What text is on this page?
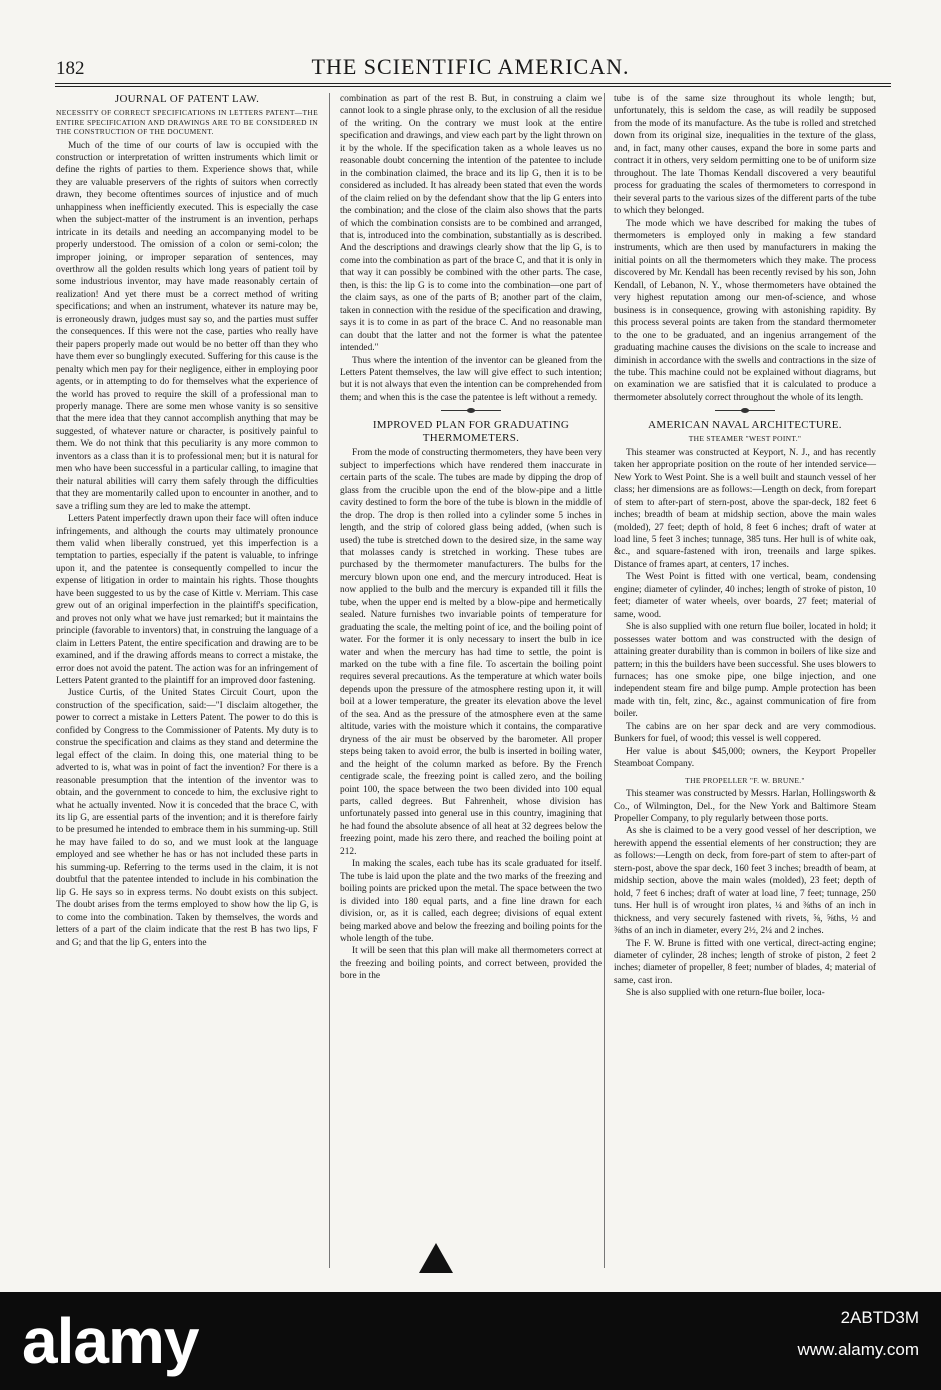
182	THE SCIENTIFIC AMERICAN.
JOURNAL OF PATENT LAW.
NECESSITY OF CORRECT SPECIFICATIONS IN LETTERS PATENT—THE ENTIRE SPECIFICATION AND DRAWINGS ARE TO BE CONSIDERED IN THE CONSTRUCTION OF THE DOCUMENT.

Much of the time of our courts of law is occupied with the construction or interpretation of written instruments which limit or define the rights of parties to them. Experience shows that, while they are valuable preservers of the rights of suitors when correctly drawn, they become oftentimes sources of injustice and of much unhappiness when inefficiently executed. This is especially the case when the subject-matter of the instrument is an invention, perhaps intricate in its details and needing an accompanying model to be properly understood. The omission of a colon or semi-colon; the improper joining, or improper separation of sentences, may overthrow all the golden results which long years of patient toil by some industrious inventor, may have made reasonably certain of realization! And yet there must be a correct method of writing specifications; and when an instrument, whatever its nature may be, is erroneously drawn, judges must say so, and the parties must suffer the consequences. If this were not the case, parties who really have their papers properly made out would be no better off than they who have them ever so bunglingly executed. Suffering for this cause is the penalty which men pay for their negligence, either in employing poor agents, or in attempting to do for themselves what the experience of the world has proved to require the skill of a professional man to properly manage. There are some men whose vanity is so sensitive that the mere idea that they cannot accomplish anything that may be suggested, of whatever nature or character, is positively painful to them. We do not think that this peculiarity is any more common to inventors as a class than it is to professional men; but it is natural for men who have been successful in a particular calling, to imagine that their natural abilities will carry them safely through the difficulties that they are momentarily called upon to encounter in another, and to save a trifling sum they are led to make the attempt.

Letters Patent imperfectly drawn upon their face will often induce infringements, and although the courts may ultimately pronounce them valid when liberally construed, yet this imperfection is a temptation to parties, especially if the patent is valuable, to infringe upon it, and the patentee is consequently compelled to incur the expense of litigation in order to maintain his rights. Those thoughts have been suggested to us by the case of Kittle v. Merriam. This case grew out of an original imperfection in the plaintiff's specification, and proves not only what we have just remarked; but it maintains the principle (favorable to inventors) that, in construing the language of a claim in Letters Patent, the entire specification and drawing are to be examined, and if the drawing affords means to correct a mistake, the error does not avoid the patent. The action was for an infringement of Letters Patent granted to the plaintiff for an improved door fastening.

Justice Curtis, of the United States Circuit Court, upon the construction of the specification, said:—"I disclaim altogether, the power to correct a mistake in Letters Patent. The power to do this is confided by Congress to the Commissioner of Patents. My duty is to construe the specification and claims as they stand and determine the legal effect of the claim. In doing this, one material thing to be adverted to is, what was in point of fact the invention? For there is a reasonable presumption that the intention of the inventor was to obtain, and the government to concede to him, the exclusive right to what he actually invented. Now it is conceded that the brace C, with its lip G, are essential parts of the invention; and it is therefore fairly to be presumed he intended to embrace them in his summing-up. Still he may have failed to do so, and we must look at the language employed and see whether he has or has not included these parts in his summing-up. Referring to the terms used in the claim, it is not doubtful that the patentee intended to include in his combination the lip G. He says so in express terms. No doubt exists on this subject. The doubt arises from the terms employed to show how the lip G, is to come into the combination. Taken by themselves, the words and letters of a part of the claim indicate that the rest B has two lips, F and G; and that the lip G, enters into the

combination as part of the rest B. But, in construing a claim we cannot look to a single phrase only, to the exclusion of all the residue of the writing. On the contrary we must look at the entire specification and drawings, and view each part by the light thrown on it by the whole. If the specification taken as a whole leaves us no reasonable doubt concerning the intention of the patentee to include in the combination claimed, the brace and its lip G, then it is to be considered as included. It has already been stated that even the words of the claim relied on by the defendant show that the lip G enters into the combination; and the close of the claim also shows that the parts of which the combination consists are to be combined and arranged, that is, introduced into the combination, substantially as is described. And the descriptions and drawings clearly show that the lip G, is to come into the combination as part of the brace C, and that it is only in that way it can possibly be combined with the other parts. The case, then, is this: the lip G is to come into the combination—one part of the claim says, as one of the parts of B; another part of the claim, taken in connection with the residue of the specification and drawing, says it is to come in as part of the brace C. And no reasonable man can doubt that the latter and not the former is what the patentee intended."

Thus where the intention of the inventor can be gleaned from the Letters Patent themselves, the law will give effect to such intention; but it is not always that even the intention can be comprehended from them; and when this is the case the patentee is left without a remedy.

IMPROVED PLAN FOR GRADUATING THERMOMETERS.

From the mode of constructing thermometers, they have been very subject to imperfections which have rendered them inaccurate in certain parts of the scale. The tubes are made by dipping the drop of glass from the crucible upon the end of the blow-pipe and a little cavity destined to form the bore of the tube is blown in the middle of the drop. The drop is then rolled into a cylinder some 5 inches in length, and the strip of colored glass being added, (when such is used) the tube is stretched down to the desired size, in the same way that molasses candy is stretched in working. These tubes are purchased by the thermometer manufacturers. The bulbs for the mercury blown upon one end, and the mercury introduced. Heat is now applied to the bulb and the mercury is expanded till it fills the tube, when the upper end is melted by a blow-pipe and hermetically sealed. Nature furnishes two invariable points of temperature for graduating the scale, the melting point of ice, and the boiling point of water. For the former it is only necessary to insert the bulb in ice water and when the mercury has had time to settle, the point is marked on the tube with a fine file. To ascertain the boiling point requires several precautions. As the temperature at which water boils depends upon the pressure of the atmosphere resting upon it, it will boil at a lower temperature, the greater its elevation above the level of the sea. And as the pressure of the atmosphere even at the same altitude, varies with the moisture which it contains, the comparative dryness of the air must be observed by the barometer. All proper steps being taken to avoid error, the bulb is inserted in boiling water, and the height of the column marked as before. By the French centigrade scale, the freezing point is called zero, and the boiling point 100, the space between the two been divided into 100 equal parts, called degrees. But Fahrenheit, whose division has unfortunately passed into general use in this country, imagining that he had found the absolute absence of all heat at 32 degrees below the freezing point, made his zero there, and reached the boiling point at 212.

In making the scales, each tube has its scale graduated for itself. The tube is laid upon the plate and the two marks of the freezing and boiling points are pricked upon the metal. The space between the two is divided into 180 equal parts, and a fine line drawn for each division, or, as it is called, each degree; divisions of equal extent being marked above and below the freezing and boiling points for the whole length of the tube.

It will be seen that this plan will make all thermometers correct at the freezing and boiling points, and correct between, provided the bore in the

tube is of the same size throughout its whole length; but, unfortunately, this is seldom the case, as will readily be supposed from the mode of its manufacture. As the tube is rolled and stretched down from its original size, inequalities in the texture of the glass, and, in fact, many other causes, expand the bore in some parts and contract it in others, very seldom permitting one to be of uniform size throughout. The late Thomas Kendall discovered a very beautiful process for graduating the scales of thermometers to correspond in their several parts to the various sizes of the different parts of the tube to which they belonged.

The mode which we have described for making the tubes of thermometers is employed only in making a few standard instruments, which are then used by manufacturers in making the initial points on all the thermometers which they make. The process discovered by Mr. Kendall has been recently revised by his son, John Kendall, of Lebanon, N. Y., whose thermometers have obtained the very highest reputation among our men-of-science, and whose business is in consequence, growing with astonishing rapidity. By this process several points are taken from the standard thermometer to the one to be graduated, and an ingenius arrangement of the graduating machine causes the divisions on the scale to increase and diminish in accordance with the swells and contractions in the size of the tube. This machine could not be explained without diagrams, but on examination we are satisfied that it is calculated to produce a thermometer absolutely correct throughout the whole of its length.

AMERICAN NAVAL ARCHITECTURE.
THE STEAMER "WEST POINT."

This steamer was constructed at Keyport, N. J., and has recently taken her appropriate position on the route of her intended service—New York to West Point. She is a well built and staunch vessel of her class; her dimensions are as follows:—Length on deck, from forepart of stem to after-part of stern-post, above the spar-deck, 182 feet 6 inches; breadth of beam at midship section, above the main wales (molded), 27 feet; depth of hold, 8 feet 6 inches; draft of water at load line, 5 feet 3 inches; tunnage, 385 tuns. Her hull is of white oak, &c., and square-fastened with iron, treenails and large spikes. Distance of frames apart, at centers, 17 inches.

The West Point is fitted with one vertical, beam, condensing engine; diameter of cylinder, 40 inches; length of stroke of piston, 10 feet; diameter of water wheels, over boards, 27 feet; material of same, wood.

She is also supplied with one return flue boiler, located in hold; it possesses water bottom and was constructed with the design of attaining greater durability than is common in boilers of like size and pattern; in this the builders have been successful. She uses blowers to furnaces; has one smoke pipe, one bilge injection, and one independent steam fire and bilge pump. Ample protection has been made with tin, felt, zinc, &c., against communication of fire from boiler.

The cabins are on her spar deck and are very commodious. Bunkers for fuel, of wood; this vessel is well coppered.

Her value is about $45,000; owners, the Keyport Propeller Steamboat Company.

THE PROPELLER "F. W. BRUNE."

This steamer was constructed by Messrs. Harlan, Hollingsworth & Co., of Wilmington, Del., for the New York and Baltimore Steam Propeller Company, to ply regularly between those ports.

As she is claimed to be a very good vessel of her description, we herewith append the essential elements of her construction; they are as follows:—Length on deck, from fore-part of stem to after-part of stern-post, above the spar deck, 160 feet 3 inches; breadth of beam, at midship section, above the main wales (molded), 23 feet; depth of hold, 7 feet 6 inches; draft of water at load line, 7 feet; tunnage, 250 tuns. Her hull is of wrought iron plates, ¼ and ⅜ths of an inch in thickness, and very securely fastened with rivets, ⅝, ⅝ths, ½ and ⅜ths of an inch in diameter, every 2½, 2¼ and 2 inches.

The F. W. Brune is fitted with one vertical, direct-acting engine; diameter of cylinder, 28 inches; length of stroke of piston, 2 feet 2 inches; diameter of propeller, 8 feet; number of blades, 4; material of same, cast iron.

She is also supplied with one return-flue boiler, loca-

alamy	2ABTD3M
www.alamy.com
